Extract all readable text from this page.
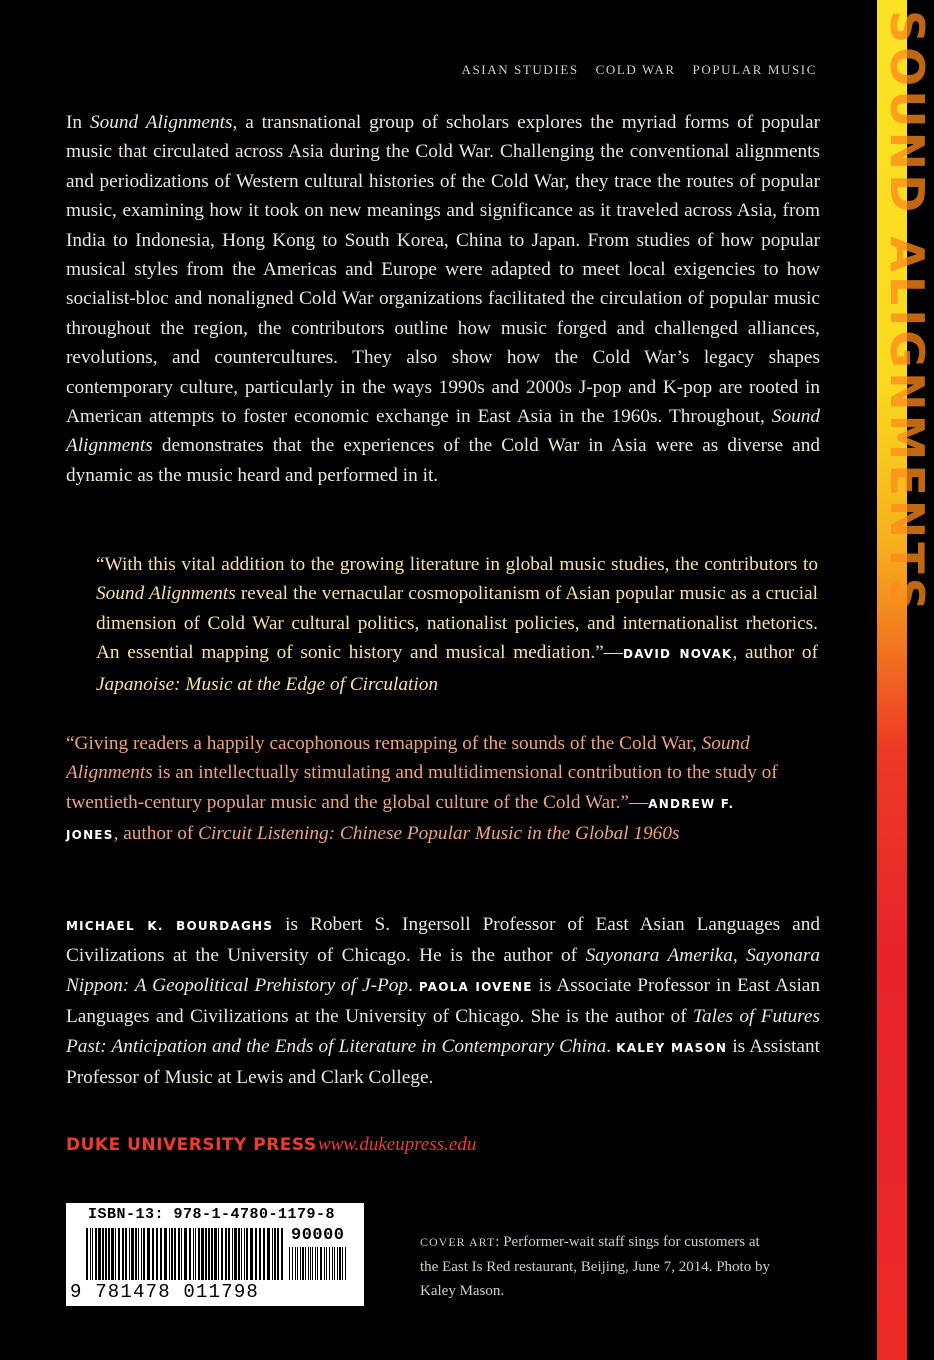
SOUND ALIGNMENTS
ASIAN STUDIES COLD WAR POPULAR MUSIC

In Sound Alignments, a transnational group of scholars explores the myriad forms of popular music that circulated across Asia during the Cold War. Challenging the conventional alignments and periodizations of Western cultural histories of the Cold War, they trace the routes of popular music, examining how it took on new meanings and significance as it traveled across Asia, from India to Indonesia, Hong Kong to South Korea, China to Japan. From studies of how popular musical styles from the Americas and Europe were adapted to meet local exigencies to how socialist-bloc and nonaligned Cold War organizations facilitated the circulation of popular music throughout the region, the contributors outline how music forged and challenged alliances, revolutions, and countercultures. They also show how the Cold War’s legacy shapes contemporary culture, particularly in the ways 1990s and 2000s J-pop and K-pop are rooted in American attempts to foster economic exchange in East Asia in the 1960s. Throughout, Sound Alignments demonstrates that the experiences of the Cold War in Asia were as diverse and dynamic as the music heard and performed in it.

“With this vital addition to the growing literature in global music studies, the contributors to Sound Alignments reveal the vernacular cosmopolitanism of Asian popular music as a crucial dimension of Cold War cultural politics, nationalist policies, and internationalist rhetorics. An essential mapping of sonic history and musical mediation.”—DAVID NOVAK, author of Japanoise: Music at the Edge of Circulation

“Giving readers a happily cacophonous remapping of the sounds of the Cold War, Sound Alignments is an intellectually stimulating and multidimensional contribution to the study of twentieth-century popular music and the global culture of the Cold War.”—ANDREW F. JONES, author of Circuit Listening: Chinese Popular Music in the Global 1960s

MICHAEL K. BOURDAGHS is Robert S. Ingersoll Professor of East Asian Languages and Civilizations at the University of Chicago. He is the author of Sayonara Amerika, Sayonara Nippon: A Geopolitical Prehistory of J-Pop. PAOLA IOVENE is Associate Professor in East Asian Languages and Civilizations at the University of Chicago. She is the author of Tales of Futures Past: Anticipation and the Ends of Literature in Contemporary China. KALEY MASON is Assistant Professor of Music at Lewis and Clark College.

DUKE UNIVERSITY PRESS www.dukeupress.edu
ISBN-13: 978-1-4780-1179-8
90000
9 781478 011798
COVER ART: Performer-wait staff sings for customers at the East Is Red restaurant, Beijing, June 7, 2014. Photo by Kaley Mason.
